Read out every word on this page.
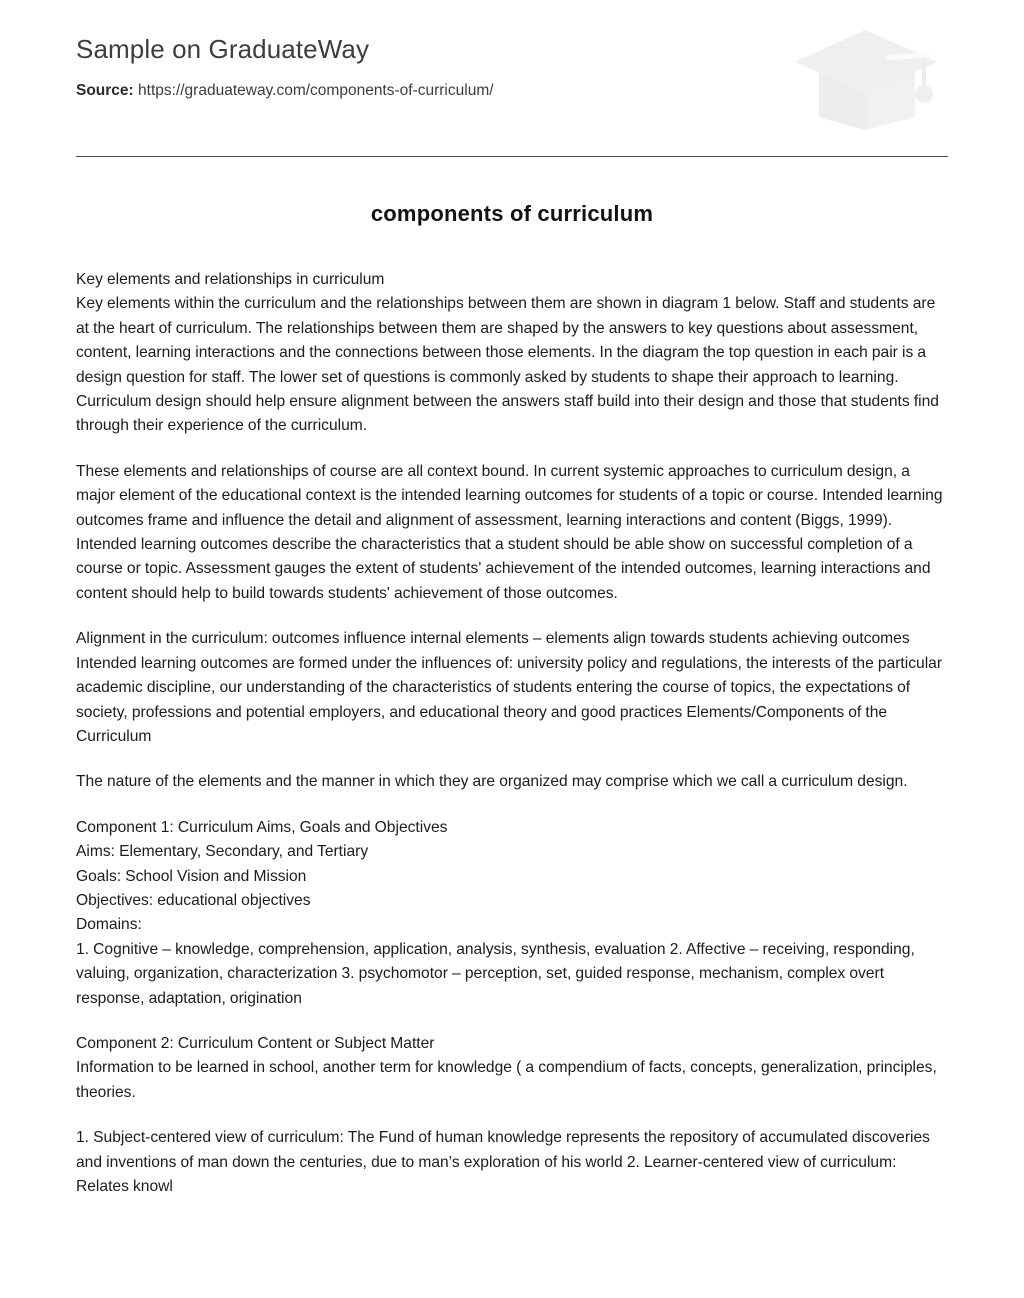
Sample on GraduateWay

Source: https://graduateway.com/components-of-curriculum/

components of curriculum

Key elements and relationships in curriculum
Key elements within the curriculum and the relationships between them are shown in diagram 1 below. Staff and students are at the heart of curriculum. The relationships between them are shaped by the answers to key questions about assessment, content, learning interactions and the connections between those elements. In the diagram the top question in each pair is a design question for staff. The lower set of questions is commonly asked by students to shape their approach to learning. Curriculum design should help ensure alignment between the answers staff build into their design and those that students find through their experience of the curriculum.

These elements and relationships of course are all context bound. In current systemic approaches to curriculum design, a major element of the educational context is the intended learning outcomes for students of a topic or course. Intended learning outcomes frame and influence the detail and alignment of assessment, learning interactions and content (Biggs, 1999). Intended learning outcomes describe the characteristics that a student should be able show on successful completion of a course or topic. Assessment gauges the extent of students' achievement of the intended outcomes, learning interactions and content should help to build towards students' achievement of those outcomes.

Alignment in the curriculum: outcomes influence internal elements – elements align towards students achieving outcomes Intended learning outcomes are formed under the influences of: university policy and regulations, the interests of the particular academic discipline, our understanding of the characteristics of students entering the course of topics, the expectations of society, professions and potential employers, and educational theory and good practices Elements/Components of the Curriculum

The nature of the elements and the manner in which they are organized may comprise which we call a curriculum design.

Component 1: Curriculum Aims, Goals and Objectives
Aims: Elementary, Secondary, and Tertiary
Goals: School Vision and Mission
Objectives: educational objectives
Domains:
1. Cognitive – knowledge, comprehension, application, analysis, synthesis, evaluation 2. Affective – receiving, responding, valuing, organization, characterization 3. psychomotor – perception, set, guided response, mechanism, complex overt response, adaptation, origination

Component 2: Curriculum Content or Subject Matter
Information to be learned in school, another term for knowledge ( a compendium of facts, concepts, generalization, principles, theories.

1. Subject-centered view of curriculum: The Fund of human knowledge represents the repository of accumulated discoveries and inventions of man down the centuries, due to man’s exploration of his world 2. Learner-centered view of curriculum: Relates knowl
